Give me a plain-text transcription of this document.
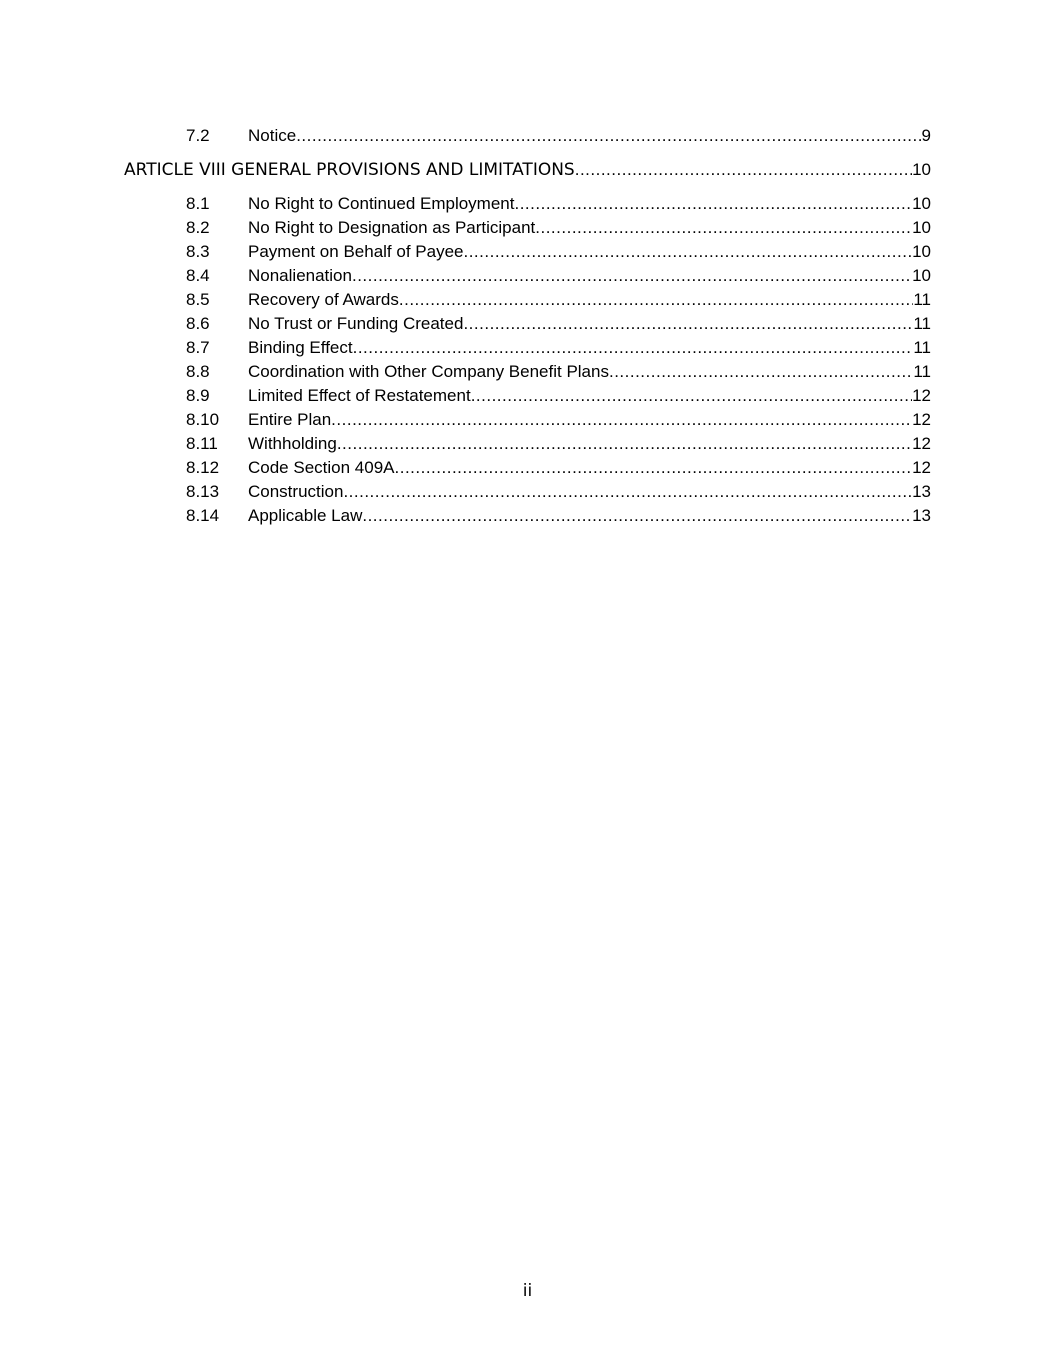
7.2 Notice .....	9
ARTICLE VIII GENERAL PROVISIONS AND LIMITATIONS .....	10
8.1 No Right to Continued Employment .....	10
8.2 No Right to Designation as Participant .....	10
8.3 Payment on Behalf of Payee .....	10
8.4 Nonalienation .....	10
8.5 Recovery of Awards .....	11
8.6 No Trust or Funding Created .....	11
8.7 Binding Effect .....	11
8.8 Coordination with Other Company Benefit Plans .....	11
8.9 Limited Effect of Restatement .....	12
8.10 Entire Plan .....	12
8.11 Withholding .....	12
8.12 Code Section 409A .....	12
8.13 Construction .....	13
8.14 Applicable Law .....	13
ii
